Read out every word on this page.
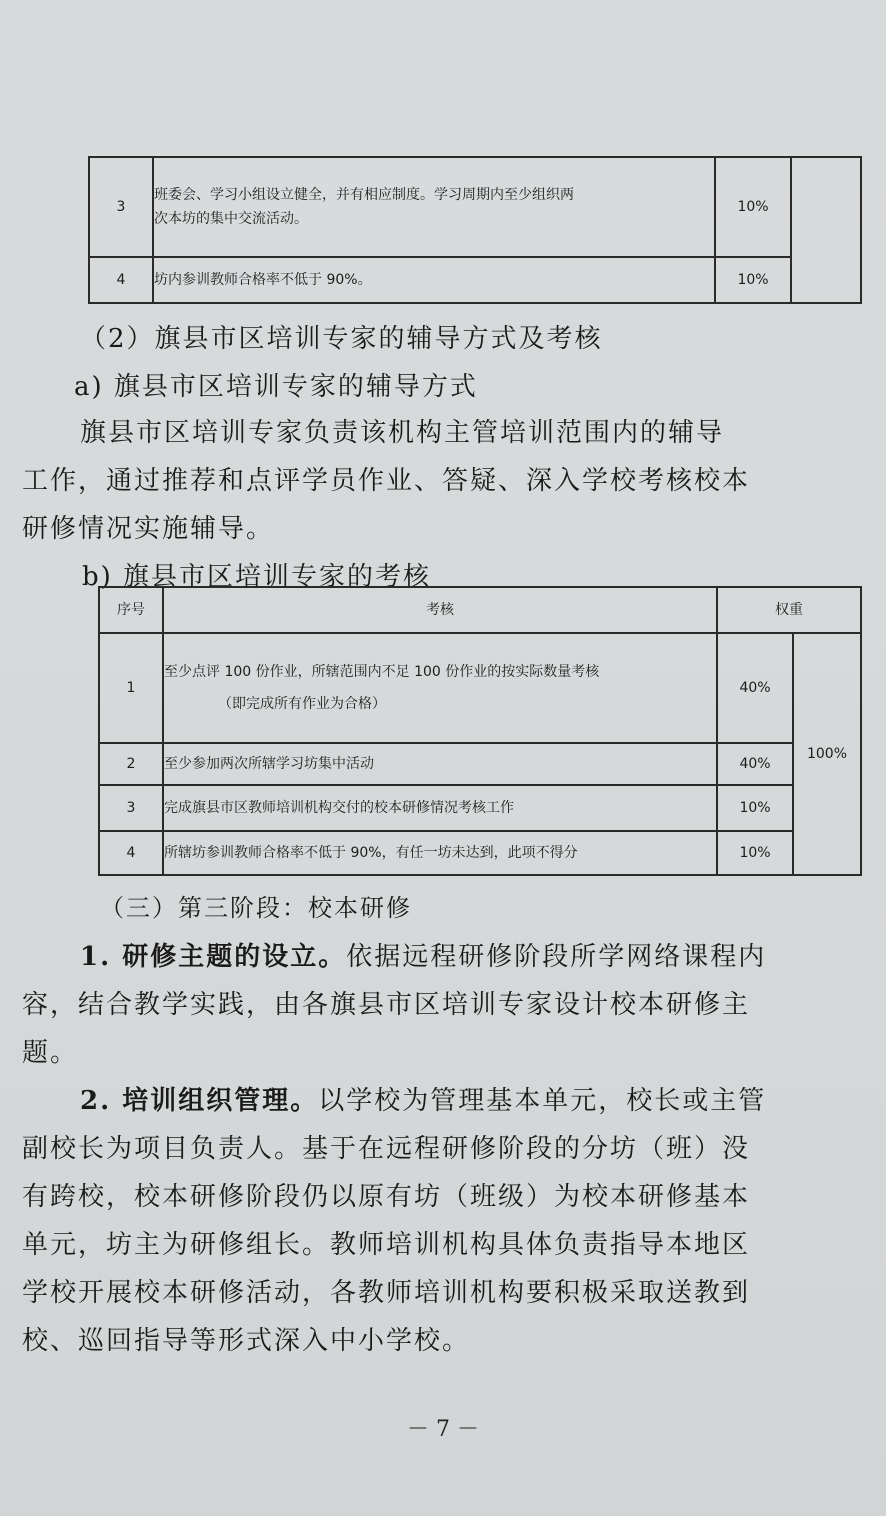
3	班委会、学习小组设立健全，并有相应制度。学习周期内至少组织两
次本坊的集中交流活动。	10%	
4	坊内参训教师合格率不低于 90%。	10%	
（2）旗县市区培训专家的辅导方式及考核
a) 旗县市区培训专家的辅导方式
旗县市区培训专家负责该机构主管培训范围内的辅导
工作，通过推荐和点评学员作业、答疑、深入学校考核校本
研修情况实施辅导。
b) 旗县市区培训专家的考核
序号	考核	权重	
1	至少点评 100 份作业，所辖范围内不足 100 份作业的按实际数量考核
（即完成所有作业为合格）	40%	100%
2	至少参加两次所辖学习坊集中活动	40%	
3	完成旗县市区教师培训机构交付的校本研修情况考核工作	10%	
4	所辖坊参训教师合格率不低于 90%，有任一坊未达到，此项不得分	10%	
（三）第三阶段：校本研修
1. 研修主题的设立。依据远程研修阶段所学网络课程内
容，结合教学实践，由各旗县市区培训专家设计校本研修主
题。
2. 培训组织管理。以学校为管理基本单元，校长或主管
副校长为项目负责人。基于在远程研修阶段的分坊（班）没
有跨校，校本研修阶段仍以原有坊（班级）为校本研修基本
单元，坊主为研修组长。教师培训机构具体负责指导本地区
学校开展校本研修活动，各教师培训机构要积极采取送教到
校、巡回指导等形式深入中小学校。
－ 7 －
